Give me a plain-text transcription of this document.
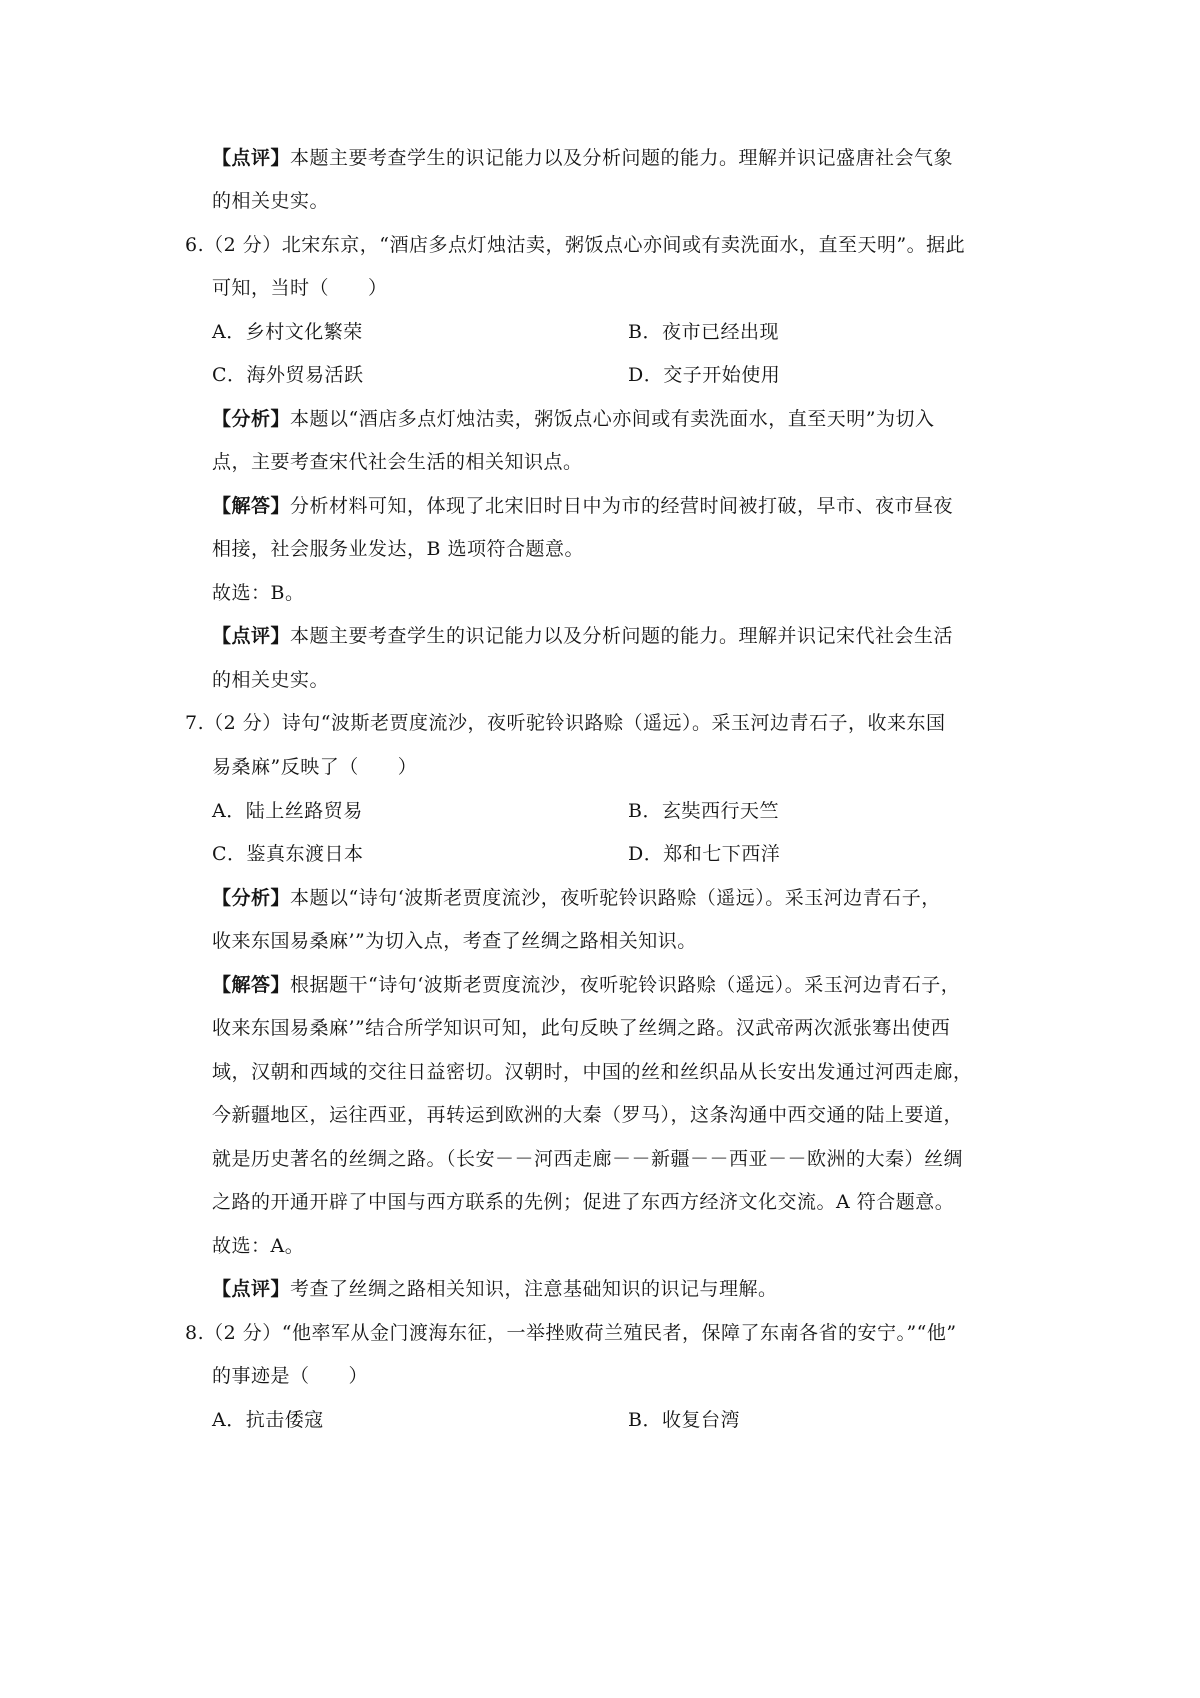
【点评】本题主要考查学生的识记能力以及分析问题的能力。理解并识记盛唐社会气象
的相关史实。
6.（2 分）北宋东京，“酒店多点灯烛沽卖，粥饭点心亦间或有卖洗面水，直至天明”。据此
可知，当时（　　）
A．乡村文化繁荣	B．夜市已经出现
C．海外贸易活跃	D．交子开始使用
【分析】本题以“酒店多点灯烛沽卖，粥饭点心亦间或有卖洗面水，直至天明”为切入
点，主要考查宋代社会生活的相关知识点。
【解答】分析材料可知，体现了北宋旧时日中为市的经营时间被打破，早市、夜市昼夜
相接，社会服务业发达，B 选项符合题意。
故选：B。
【点评】本题主要考查学生的识记能力以及分析问题的能力。理解并识记宋代社会生活
的相关史实。
7.（2 分）诗句“波斯老贾度流沙，夜听驼铃识路赊（遥远）。采玉河边青石子，收来东国
易桑麻”反映了（　　）
A．陆上丝路贸易	B．玄奘西行天竺
C．鉴真东渡日本	D．郑和七下西洋
【分析】本题以“诗句‘波斯老贾度流沙，夜听驼铃识路赊（遥远）。采玉河边青石子，
收来东国易桑麻’”为切入点，考查了丝绸之路相关知识。
【解答】根据题干“诗句‘波斯老贾度流沙，夜听驼铃识路赊（遥远）。采玉河边青石子，
收来东国易桑麻’”结合所学知识可知，此句反映了丝绸之路。汉武帝两次派张骞出使西
域，汉朝和西域的交往日益密切。汉朝时，中国的丝和丝织品从长安出发通过河西走廊，
今新疆地区，运往西亚，再转运到欧洲的大秦（罗马），这条沟通中西交通的陆上要道，
就是历史著名的丝绸之路。（长安－－河西走廊－－新疆－－西亚－－欧洲的大秦）丝绸
之路的开通开辟了中国与西方联系的先例；促进了东西方经济文化交流。A 符合题意。
故选：A。
【点评】考查了丝绸之路相关知识，注意基础知识的识记与理解。
8.（2 分）“他率军从金门渡海东征，一举挫败荷兰殖民者，保障了东南各省的安宁。”“他”
的事迹是（　　）
A．抗击倭寇	B．收复台湾
